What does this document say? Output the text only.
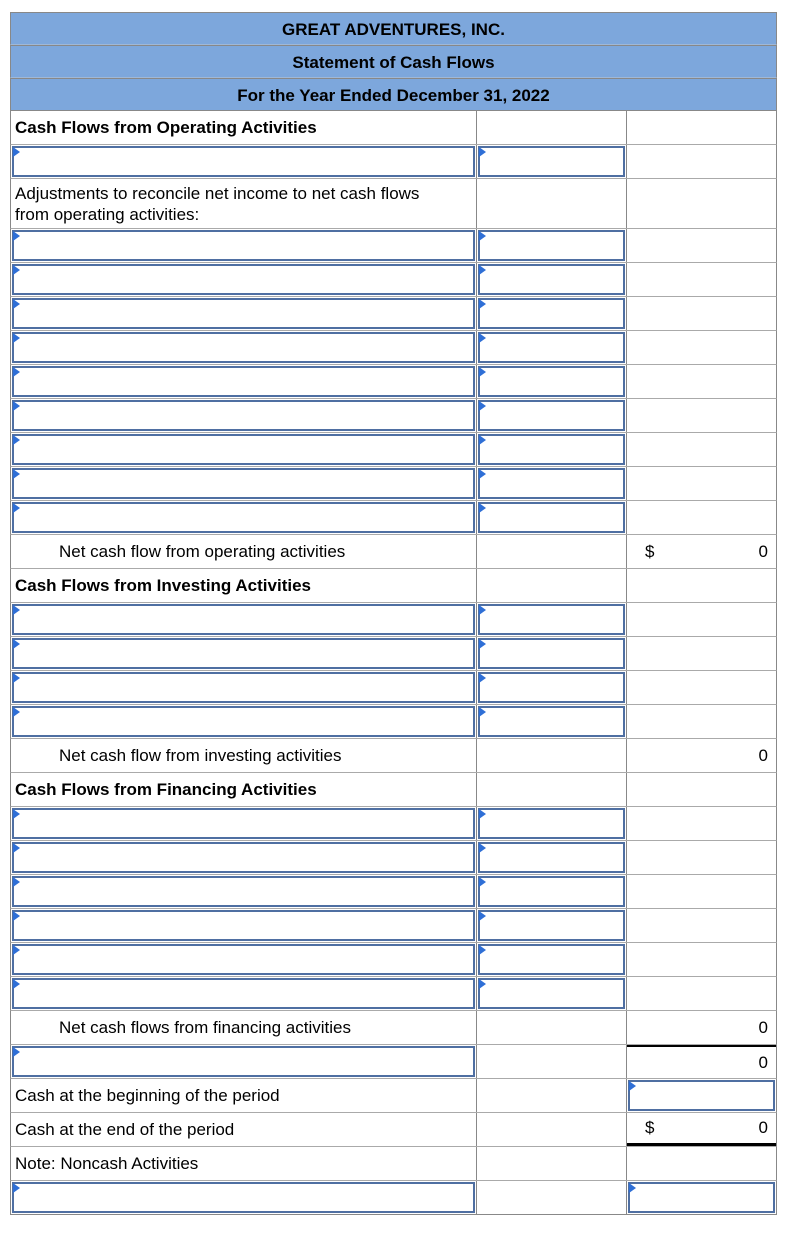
GREAT ADVENTURES, INC.
Statement of Cash Flows
For the Year Ended December 31, 2022
Cash Flows from Operating Activities
Adjustments to reconcile net income to net cash flows from operating activities:
Net cash flow from operating activities	$	0
Cash Flows from Investing Activities
Net cash flow from investing activities	0
Cash Flows from Financing Activities
Net cash flows from financing activities	0
0
Cash at the beginning of the period
Cash at the end of the period	$	0
Note: Noncash Activities
